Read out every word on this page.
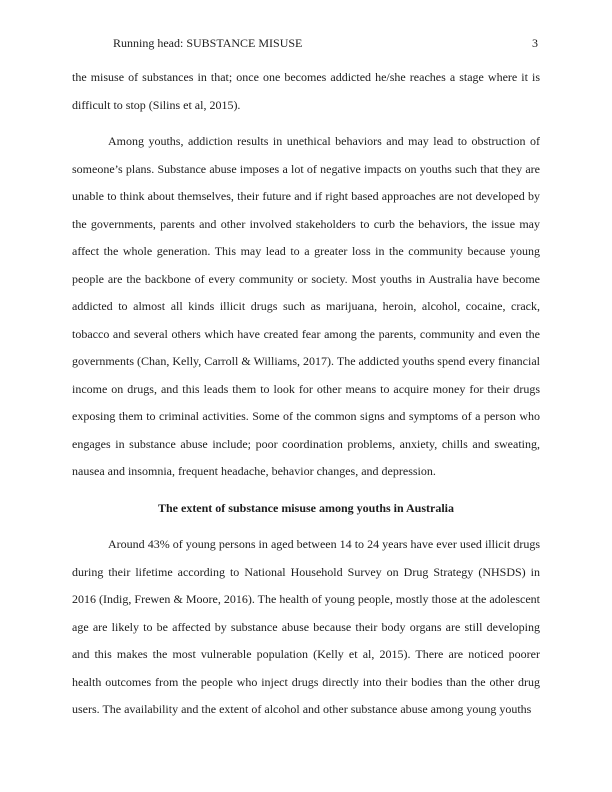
Running head: SUBSTANCE MISUSE	3

the misuse of substances in that; once one becomes addicted he/she reaches a stage where it is difficult to stop (Silins et al, 2015).

Among youths, addiction results in unethical behaviors and may lead to obstruction of someone’s plans. Substance abuse imposes a lot of negative impacts on youths such that they are unable to think about themselves, their future and if right based approaches are not developed by the governments, parents and other involved stakeholders to curb the behaviors, the issue may affect the whole generation. This may lead to a greater loss in the community because young people are the backbone of every community or society. Most youths in Australia have become addicted to almost all kinds illicit drugs such as marijuana, heroin, alcohol, cocaine, crack, tobacco and several others which have created fear among the parents, community and even the governments (Chan, Kelly, Carroll & Williams, 2017). The addicted youths spend every financial income on drugs, and this leads them to look for other means to acquire money for their drugs exposing them to criminal activities. Some of the common signs and symptoms of a person who engages in substance abuse include; poor coordination problems, anxiety, chills and sweating, nausea and insomnia, frequent headache, behavior changes, and depression.

The extent of substance misuse among youths in Australia

Around 43% of young persons in aged between 14 to 24 years have ever used illicit drugs during their lifetime according to National Household Survey on Drug Strategy (NHSDS) in 2016 (Indig, Frewen & Moore, 2016). The health of young people, mostly those at the adolescent age are likely to be affected by substance abuse because their body organs are still developing and this makes the most vulnerable population (Kelly et al, 2015). There are noticed poorer health outcomes from the people who inject drugs directly into their bodies than the other drug users. The availability and the extent of alcohol and other substance abuse among young youths
